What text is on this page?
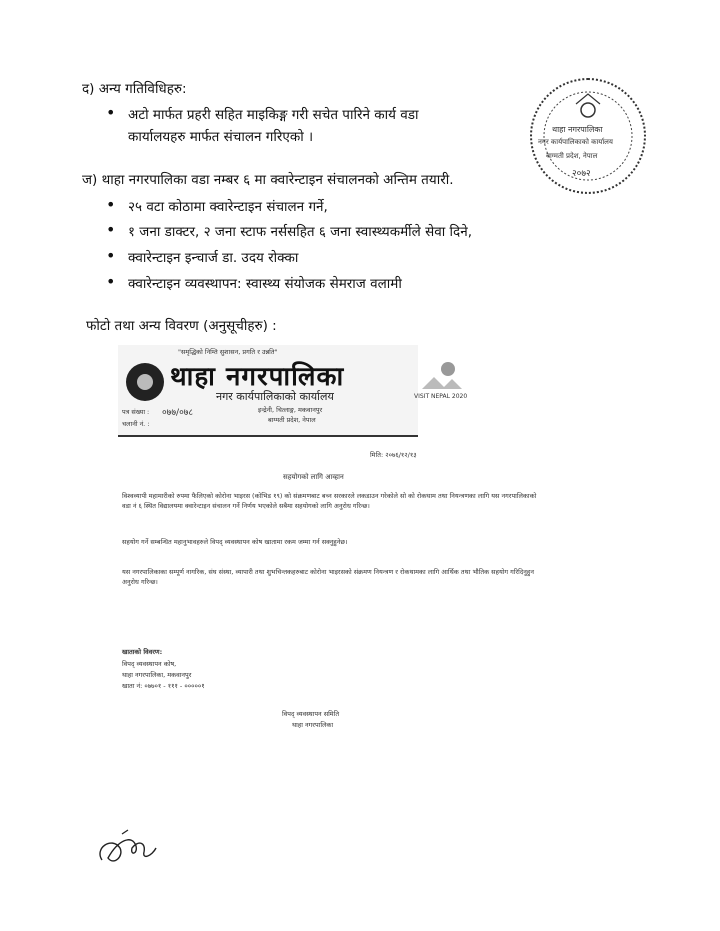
द) अन्य गतिविधिहरु:
• अटो मार्फत प्रहरी सहित माइकिङ्ग गरी सचेत पारिने कार्य वडा
कार्यालयहरु मार्फत संचालन गरिएको ।
ज) थाहा नगरपालिका वडा नम्बर ६ मा क्वारेन्टाइन संचालनको अन्तिम तयारी.
• २५ वटा कोठामा क्वारेन्टाइन संचालन गर्ने,
• १ जना डाक्टर, २ जना स्टाफ नर्ससहित ६ जना स्वास्थ्यकर्मीले सेवा दिने,
• क्वारेन्टाइन इन्चार्ज डा. उदय रोक्का
• क्वारेन्टाइन व्यवस्थापन: स्वास्थ्य संयोजक सेमराज वलामी
फोटो तथा अन्य विवरण (अनुसूचीहरु) :
थाहा नगरपालिका
नगर कार्यपालिकाको कार्यालय
बाग्मती प्रदेश, नेपाल
२०७२
"समृद्धिको निम्ति सुशासन, प्रगति र उन्नति"
थाहा नगरपालिका
नगर कार्यपालिकाको कार्यालय
इन्द्रेनी, चित्लाङ्ग, मकवानपुर
बाग्मती प्रदेश, नेपाल
पत्र संख्या : ०७७/०७८
चलानी नं. :
VISIT NEPAL 2020
मिति: २०७६/१२/१३
सहयोगको लागि आव्हान
विश्वव्यापी महामारीको रुपमा फैलिएको कोरोना भाइरस (कोभिड १९) को संक्रमणबाट बच्न सरकारले लकडाउन गरेकोले सो को रोकथाम तथा नियन्त्रणका लागि यस नगरपालिकाको वडा नं ६ स्थित विद्यालयमा क्वारेन्टाइन संचालन गर्ने निर्णय भएकोले सबैमा सहयोगको लागि अनुरोध गरिन्छ।
सहयोग गर्ने सम्बन्धित महानुभावहरुले विपद् व्यवस्थापन कोष खातामा रकम जम्मा गर्न सक्नुहुनेछ।
यस नगरपालिकाका सम्पूर्ण नागरिक, संघ संस्था, व्यापारी तथा शुभचिन्तकहरुबाट कोरोना भाइरसको संक्रमण नियन्त्रण र रोकथामका लागि आर्थिक तथा भौतिक सहयोग गरिदिनुहुन अनुरोध गरिन्छ।
खाताको विवरण:
विपद् व्यवस्थापन कोष,
थाहा नगरपालिका, मकवानपुर
खाता नं: ०७७०१ - १११ - ०००००१
विपद् व्यवस्थापन समिति
थाहा नगरपालिका
